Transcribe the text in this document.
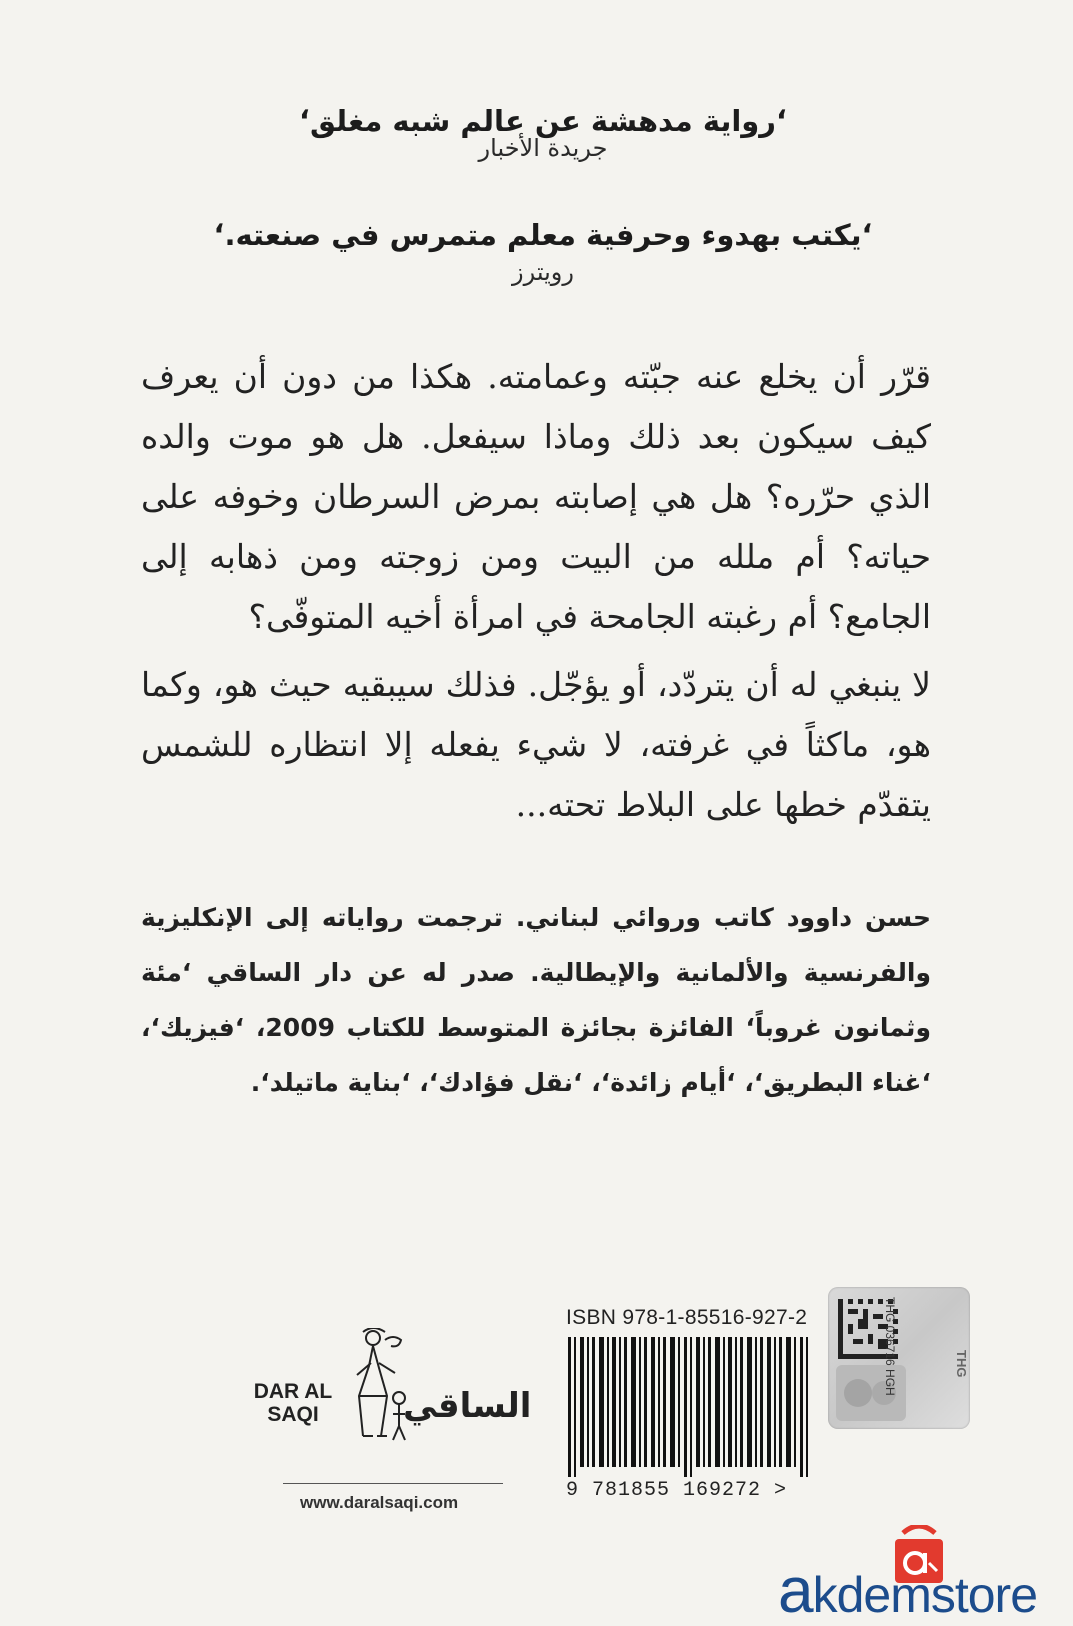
‘رواية مدهشة عن عالم شبه مغلق‘
جريدة الأخبار
‘يكتب بهدوء وحرفية معلم متمرس في صنعته.‘
رويترز

قرّر أن يخلع عنه جبّته وعمامته. هكذا من دون أن يعرف كيف سيكون بعد ذلك وماذا سيفعل. هل هو موت والده الذي حرّره؟ هل هي إصابته بمرض السرطان وخوفه على حياته؟ أم ملله من البيت ومن زوجته ومن ذهابه إلى الجامع؟ أم رغبته الجامحة في امرأة أخيه المتوفّى؟

لا ينبغي له أن يتردّد، أو يؤجّل. فذلك سيبقيه حيث هو، وكما هو، ماكثاً في غرفته، لا شيء يفعله إلا انتظاره للشمس يتقدّم خطها على البلاط تحته...

حسن داوود كاتب وروائي لبناني. ترجمت رواياته إلى الإنكليزية والفرنسية والألمانية والإيطالية. صدر له عن دار الساقي ‘مئة وثمانون غروباً‘ الفائزة بجائزة المتوسط للكتاب 2009، ‘فيزيك‘، ‘غناء البطريق‘، ‘أيام زائدة‘، ‘نقل فؤادك‘، ‘بناية ماتيلد‘.
DAR AL SAQI	الساقي
www.daralsaqi.com
ISBN 978-1-85516-927-2
9 781855 169272 >
THG 036716 HGH	THG
akdemstore
